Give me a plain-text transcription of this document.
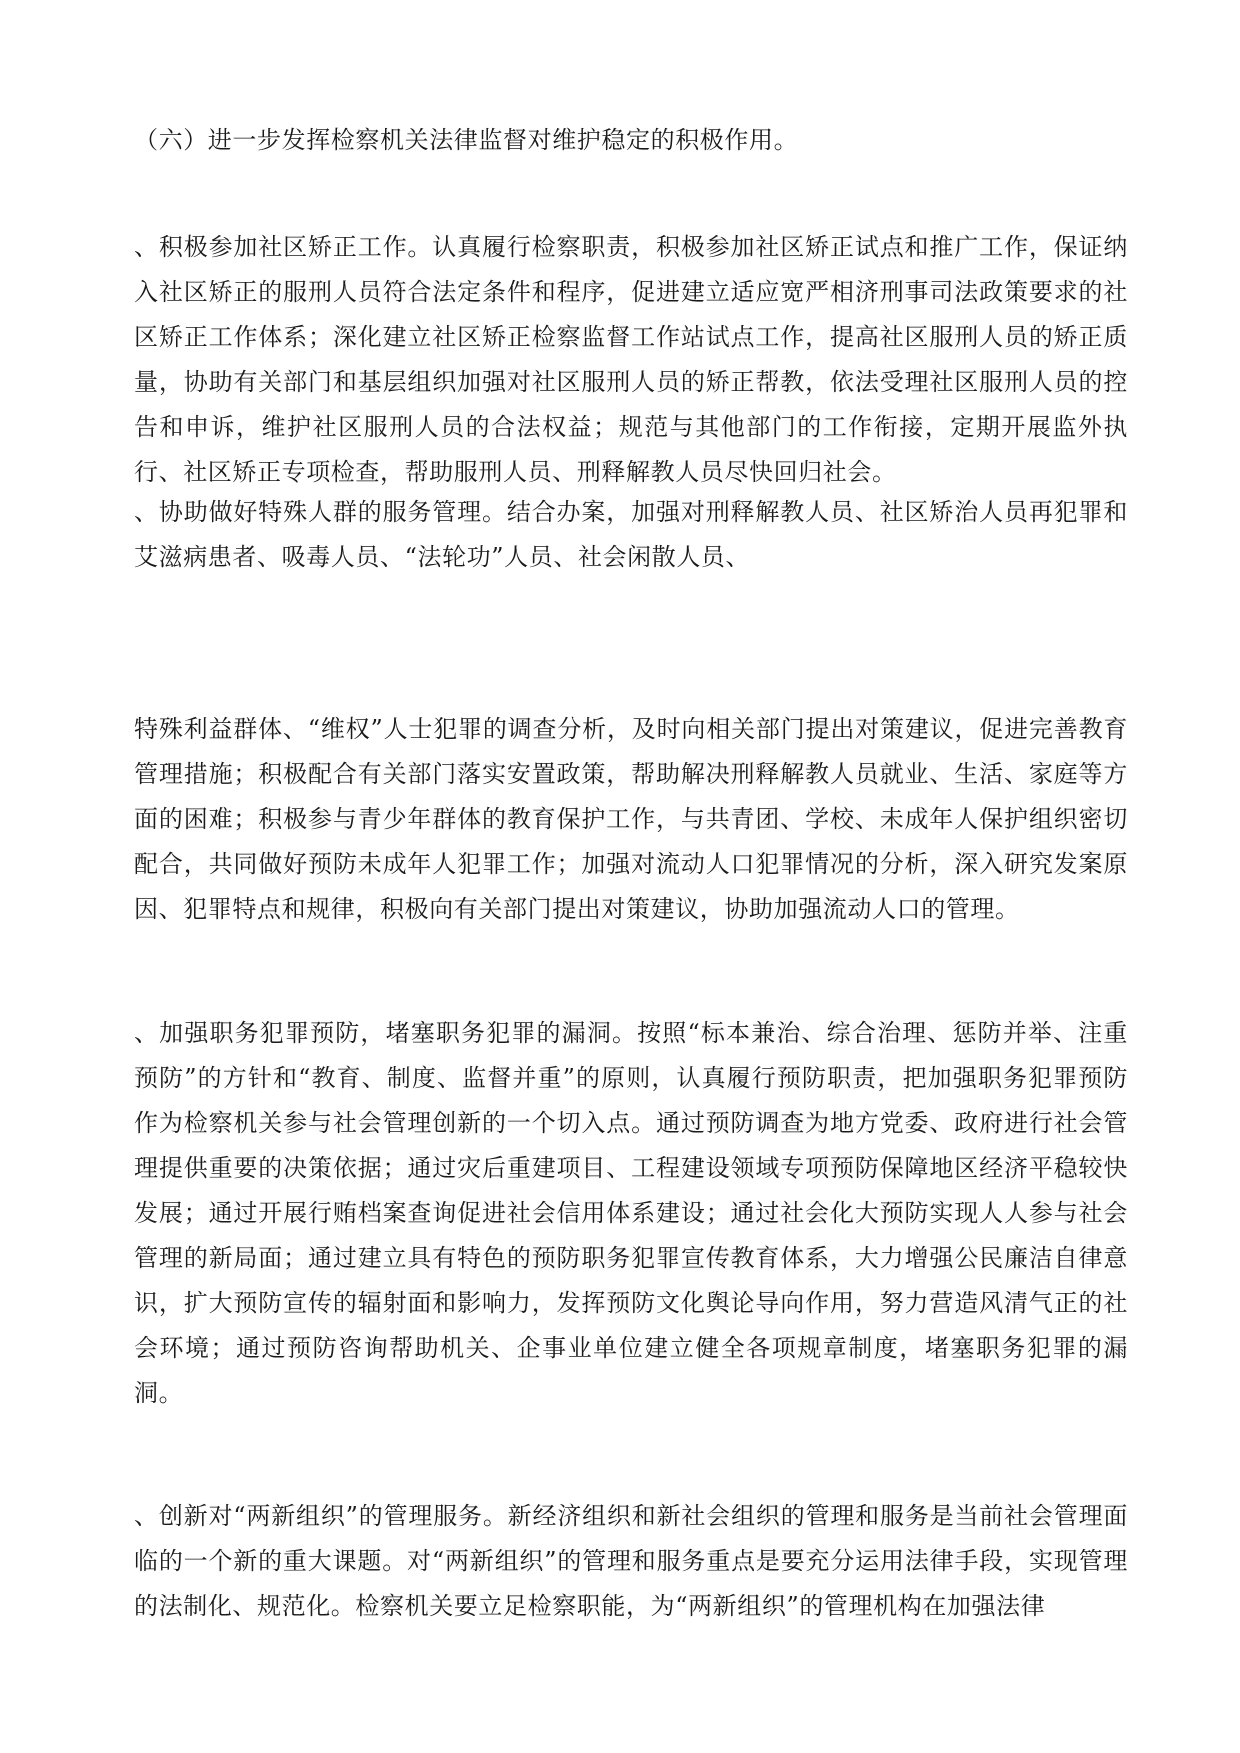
（六）进一步发挥检察机关法律监督对维护稳定的积极作用。

、积极参加社区矫正工作。认真履行检察职责，积极参加社区矫正试点和推广工作，保证纳入社区矫正的服刑人员符合法定条件和程序，促进建立适应宽严相济刑事司法政策要求的社区矫正工作体系；深化建立社区矫正检察监督工作站试点工作，提高社区服刑人员的矫正质量，协助有关部门和基层组织加强对社区服刑人员的矫正帮教，依法受理社区服刑人员的控告和申诉，维护社区服刑人员的合法权益；规范与其他部门的工作衔接，定期开展监外执行、社区矫正专项检查，帮助服刑人员、刑释解教人员尽快回归社会。

、协助做好特殊人群的服务管理。结合办案，加强对刑释解教人员、社区矫治人员再犯罪和艾滋病患者、吸毒人员、“法轮功”人员、社会闲散人员、

特殊利益群体、“维权”人士犯罪的调查分析，及时向相关部门提出对策建议，促进完善教育管理措施；积极配合有关部门落实安置政策，帮助解决刑释解教人员就业、生活、家庭等方面的困难；积极参与青少年群体的教育保护工作，与共青团、学校、未成年人保护组织密切配合，共同做好预防未成年人犯罪工作；加强对流动人口犯罪情况的分析，深入研究发案原因、犯罪特点和规律，积极向有关部门提出对策建议，协助加强流动人口的管理。

、加强职务犯罪预防，堵塞职务犯罪的漏洞。按照“标本兼治、综合治理、惩防并举、注重预防”的方针和“教育、制度、监督并重”的原则，认真履行预防职责，把加强职务犯罪预防作为检察机关参与社会管理创新的一个切入点。通过预防调查为地方党委、政府进行社会管理提供重要的决策依据；通过灾后重建项目、工程建设领域专项预防保障地区经济平稳较快发展；通过开展行贿档案查询促进社会信用体系建设；通过社会化大预防实现人人参与社会管理的新局面；通过建立具有特色的预防职务犯罪宣传教育体系，大力增强公民廉洁自律意识，扩大预防宣传的辐射面和影响力，发挥预防文化舆论导向作用，努力营造风清气正的社会环境；通过预防咨询帮助机关、企事业单位建立健全各项规章制度，堵塞职务犯罪的漏洞。

、创新对“两新组织”的管理服务。新经济组织和新社会组织的管理和服务是当前社会管理面临的一个新的重大课题。对“两新组织”的管理和服务重点是要充分运用法律手段，实现管理的法制化、规范化。检察机关要立足检察职能，为“两新组织”的管理机构在加强法律
